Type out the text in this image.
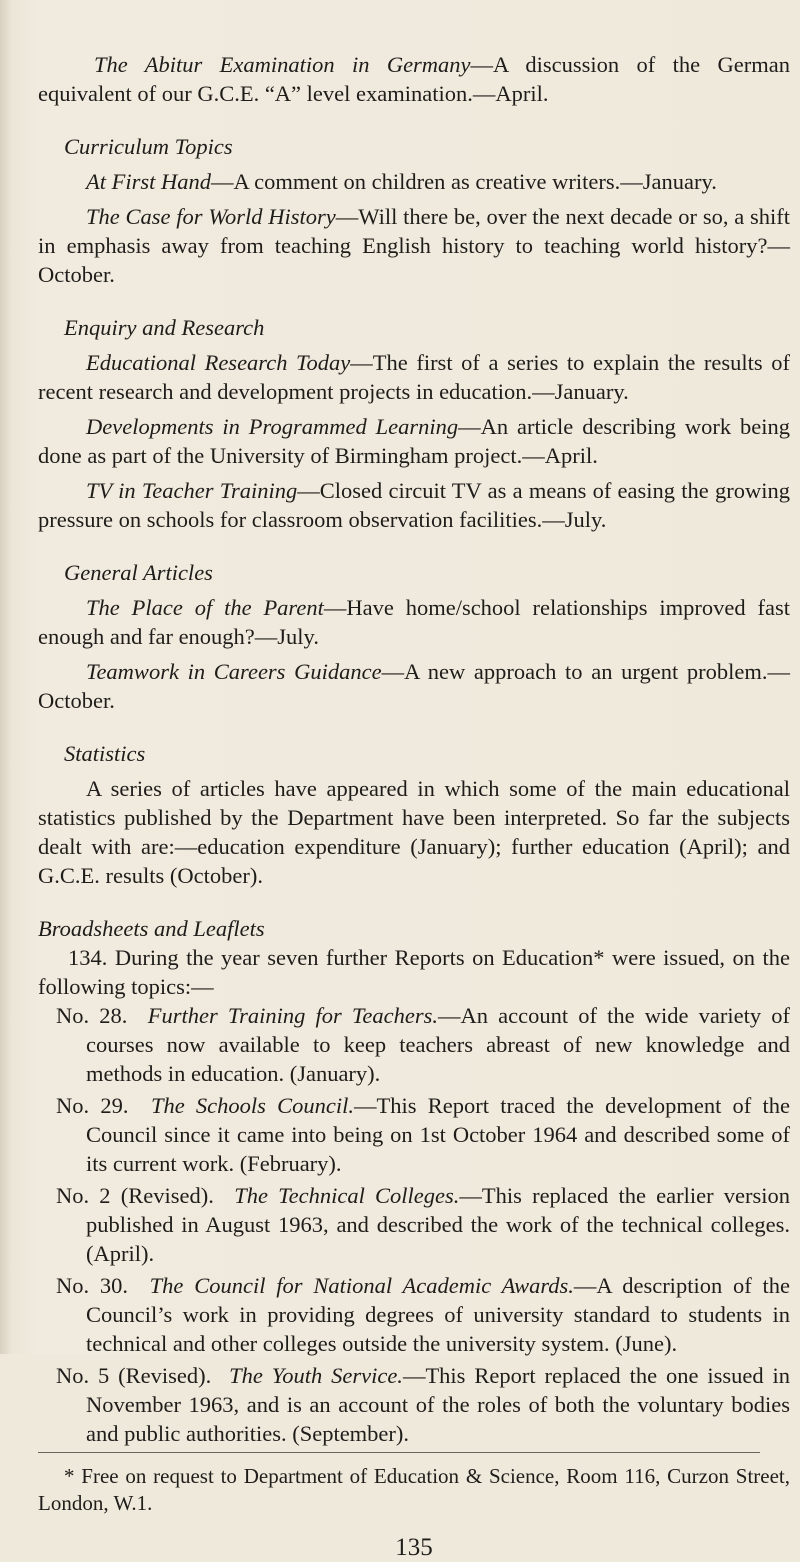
The Abitur Examination in Germany—A discussion of the German equivalent of our G.C.E. “A” level examination.—April.

Curriculum Topics

At First Hand—A comment on children as creative writers.—January.

The Case for World History—Will there be, over the next decade or so, a shift in emphasis away from teaching English history to teaching world history?—October.

Enquiry and Research

Educational Research Today—The first of a series to explain the results of recent research and development projects in education.—January.

Developments in Programmed Learning—An article describing work being done as part of the University of Birmingham project.—April.

TV in Teacher Training—Closed circuit TV as a means of easing the growing pressure on schools for classroom observation facilities.—July.

General Articles

The Place of the Parent—Have home/school relationships improved fast enough and far enough?—July.

Teamwork in Careers Guidance—A new approach to an urgent problem.—October.

Statistics

A series of articles have appeared in which some of the main educational statistics published by the Department have been interpreted. So far the subjects dealt with are:—education expenditure (January); further education (April); and G.C.E. results (October).

Broadsheets and Leaflets

134. During the year seven further Reports on Education* were issued, on the following topics:—

No. 28. Further Training for Teachers.—An account of the wide variety of courses now available to keep teachers abreast of new knowledge and methods in education. (January).

No. 29. The Schools Council.—This Report traced the development of the Council since it came into being on 1st October 1964 and described some of its current work. (February).

No. 2 (Revised). The Technical Colleges.—This replaced the earlier version published in August 1963, and described the work of the technical colleges. (April).

No. 30. The Council for National Academic Awards.—A description of the Council’s work in providing degrees of university standard to students in technical and other colleges outside the university system. (June).

No. 5 (Revised). The Youth Service.—This Report replaced the one issued in November 1963, and is an account of the roles of both the voluntary bodies and public authorities. (September).

* Free on request to Department of Education & Science, Room 116, Curzon Street, London, W.1.

135
